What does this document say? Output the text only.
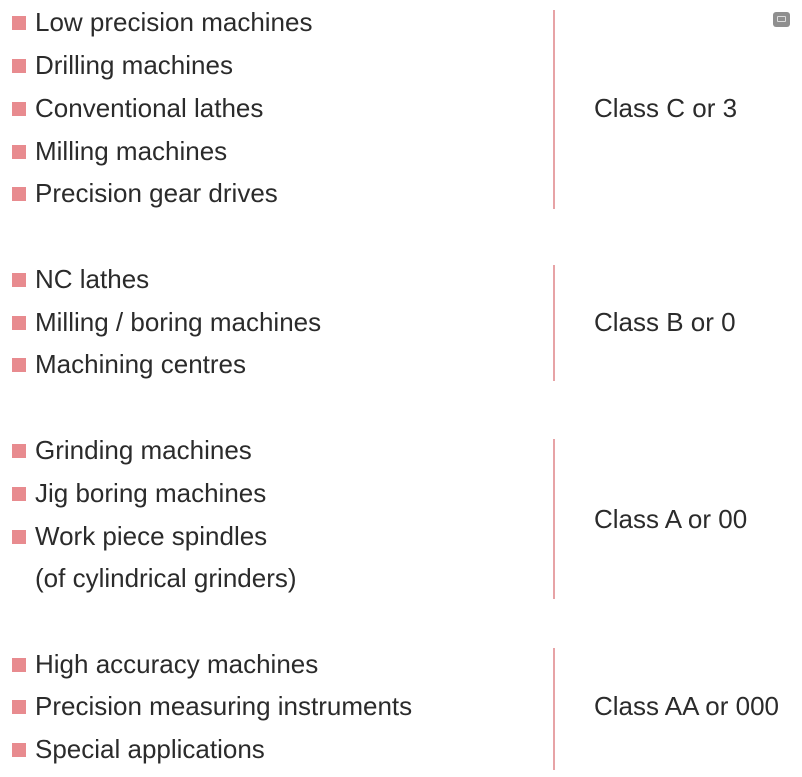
Low precision machines
Drilling machines
Conventional lathes
Milling machines
Precision gear drives
Class C or 3
NC lathes
Milling / boring machines
Machining centres
Class B or 0
Grinding machines
Jig boring machines
Work piece spindles
(of cylindrical grinders)
Class A or 00
High accuracy machines
Precision measuring instruments
Special applications
Class AA or 000
